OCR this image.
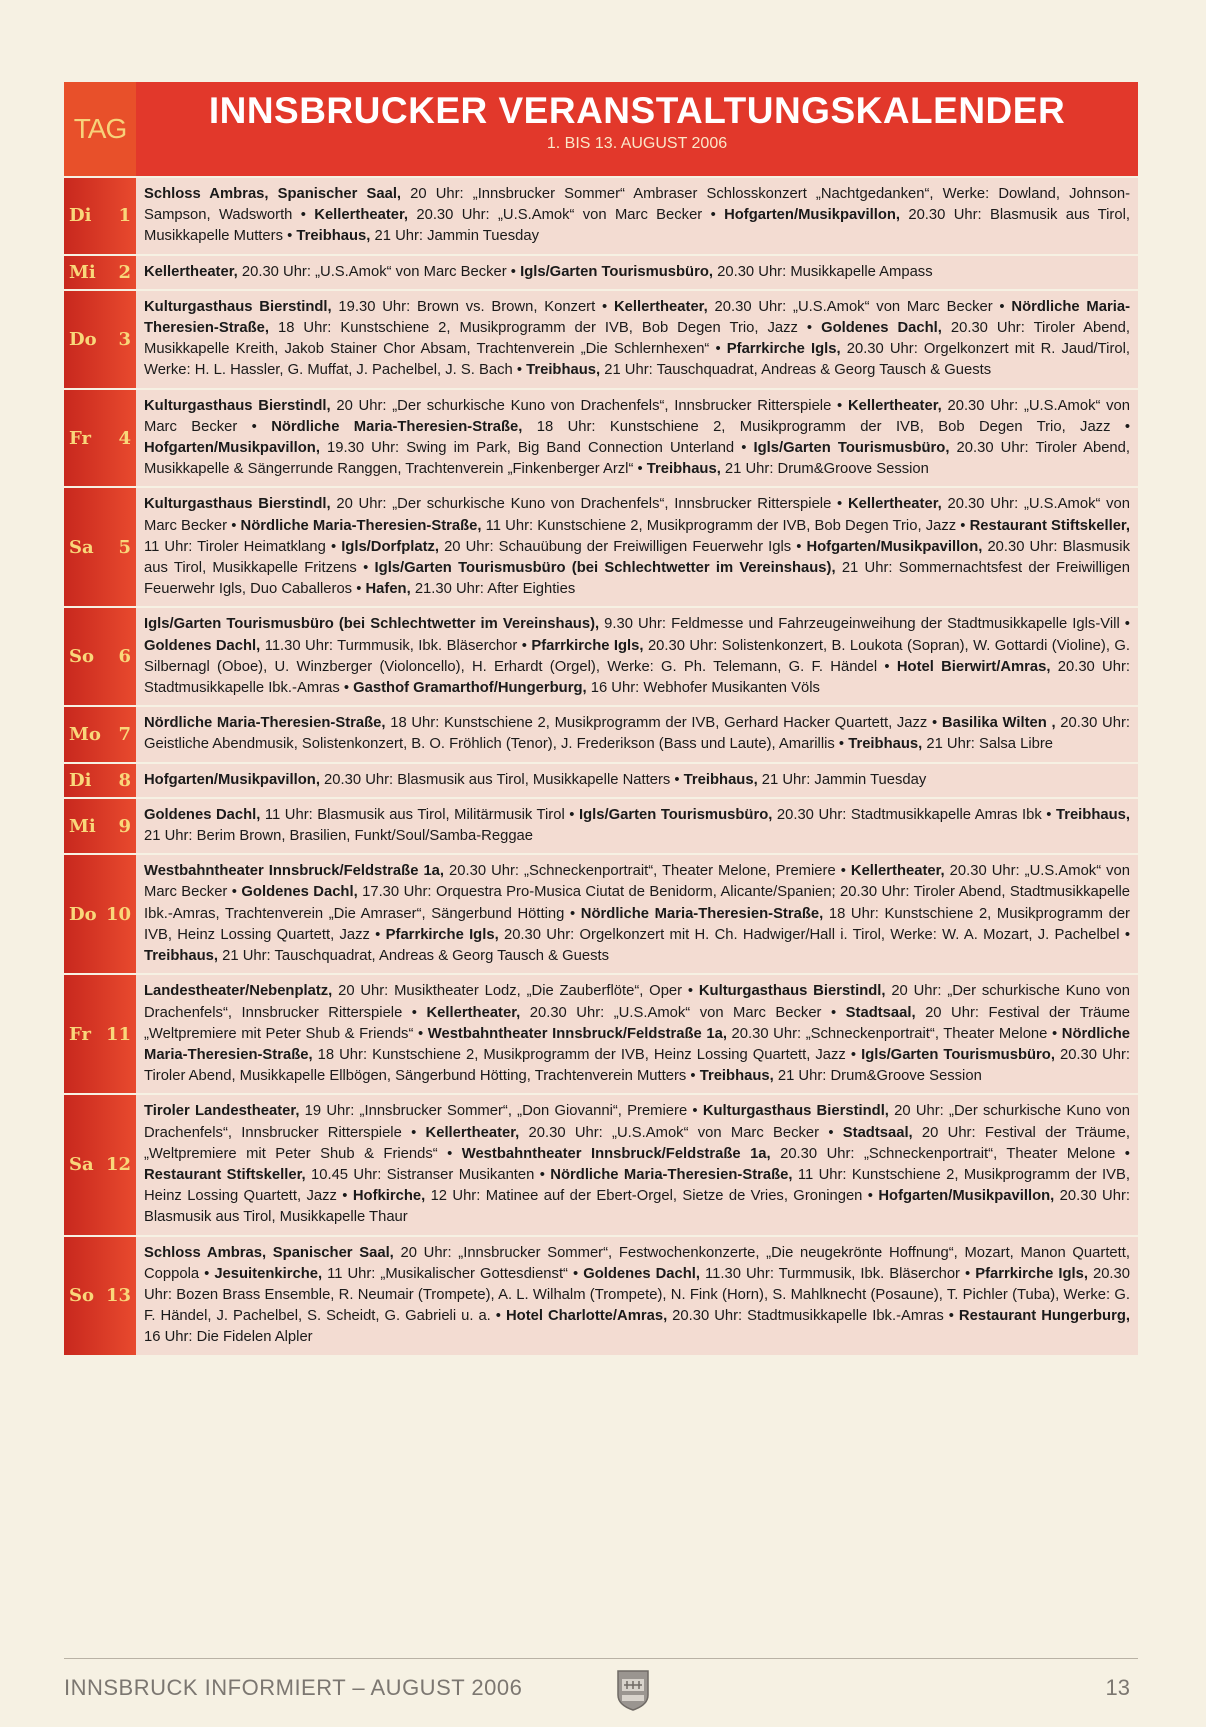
TAG	INNSBRUCKER VERANSTALTUNGSKALENDER
1. BIS 13. AUGUST 2006
Di 1
Schloss Ambras, Spanischer Saal, 20 Uhr: „Innsbrucker Sommer“ Ambraser Schlosskonzert „Nachtgedanken“, Werke: Dowland, Johnson-Sampson, Wadsworth • Kellertheater, 20.30 Uhr: „U.S.Amok“ von Marc Becker • Hofgarten/Musikpavillon, 20.30 Uhr: Blasmusik aus Tirol, Musikkapelle Mutters • Treibhaus, 21 Uhr: Jammin Tuesday
Mi 2 Kellertheater, 20.30 Uhr: „U.S.Amok“ von Marc Becker • Igls/Garten Tourismusbüro, 20.30 Uhr: Musikkapelle Ampass
Do 3
Kulturgasthaus Bierstindl, 19.30 Uhr: Brown vs. Brown, Konzert • Kellertheater, 20.30 Uhr: „U.S.Amok“ von Marc Becker • Nördliche Maria-Theresien-Straße, 18 Uhr: Kunstschiene 2, Musikprogramm der IVB, Bob Degen Trio, Jazz • Goldenes Dachl, 20.30 Uhr: Tiroler Abend, Musikkapelle Kreith, Jakob Stainer Chor Absam, Trachtenverein „Die Schlernhexen“ • Pfarrkirche Igls, 20.30 Uhr: Orgelkonzert mit R. Jaud/Tirol, Werke: H. L. Hassler, G. Muffat, J. Pachelbel, J. S. Bach • Treibhaus, 21 Uhr: Tauschquadrat, Andreas & Georg Tausch & Guests
Fr 4
Kulturgasthaus Bierstindl, 20 Uhr: „Der schurkische Kuno von Drachenfels“, Innsbrucker Ritterspiele • Kellertheater, 20.30 Uhr: „U.S.Amok“ von Marc Becker • Nördliche Maria-Theresien-Straße, 18 Uhr: Kunstschiene 2, Musikprogramm der IVB, Bob Degen Trio, Jazz • Hofgarten/Musikpavillon, 19.30 Uhr: Swing im Park, Big Band Connection Unterland • Igls/Garten Tourismusbüro, 20.30 Uhr: Tiroler Abend, Musikkapelle & Sängerrunde Ranggen, Trachtenverein „Finkenberger Arzl“ • Treibhaus, 21 Uhr: Drum&Groove Session
Sa 5
Kulturgasthaus Bierstindl, 20 Uhr: „Der schurkische Kuno von Drachenfels“, Innsbrucker Ritterspiele • Kellertheater, 20.30 Uhr: „U.S.Amok“ von Marc Becker • Nördliche Maria-Theresien-Straße, 11 Uhr: Kunstschiene 2, Musikprogramm der IVB, Bob Degen Trio, Jazz • Restaurant Stiftskeller, 11 Uhr: Tiroler Heimatklang • Igls/Dorfplatz, 20 Uhr: Schauübung der Freiwilligen Feuerwehr Igls • Hofgarten/Musikpavillon, 20.30 Uhr: Blasmusik aus Tirol, Musikkapelle Fritzens • Igls/Garten Tourismusbüro (bei Schlechtwetter im Vereinshaus), 21 Uhr: Sommernachtsfest der Freiwilligen Feuerwehr Igls, Duo Caballeros • Hafen, 21.30 Uhr: After Eighties
So 6
Igls/Garten Tourismusbüro (bei Schlechtwetter im Vereinshaus), 9.30 Uhr: Feldmesse und Fahrzeugeinweihung der Stadtmusikkapelle Igls-Vill • Goldenes Dachl, 11.30 Uhr: Turmmusik, Ibk. Bläserchor • Pfarrkirche Igls, 20.30 Uhr: Solistenkonzert, B. Loukota (Sopran), W. Gottardi (Violine), G. Silbernagl (Oboe), U. Winzberger (Violoncello), H. Erhardt (Orgel), Werke: G. Ph. Telemann, G. F. Händel • Hotel Bierwirt/Amras, 20.30 Uhr: Stadtmusikkapelle Ibk.-Amras • Gasthof Gramarthof/Hungerburg, 16 Uhr: Webhofer Musikanten Völs
Mo 7
Nördliche Maria-Theresien-Straße, 18 Uhr: Kunstschiene 2, Musikprogramm der IVB, Gerhard Hacker Quartett, Jazz • Basilika Wilten , 20.30 Uhr: Geistliche Abendmusik, Solistenkonzert, B. O. Fröhlich (Tenor), J. Frederikson (Bass und Laute), Amarillis • Treibhaus, 21 Uhr: Salsa Libre
Di 8 Hofgarten/Musikpavillon, 20.30 Uhr: Blasmusik aus Tirol, Musikkapelle Natters • Treibhaus, 21 Uhr: Jammin Tuesday
Mi 9
Goldenes Dachl, 11 Uhr: Blasmusik aus Tirol, Militärmusik Tirol • Igls/Garten Tourismusbüro, 20.30 Uhr: Stadtmusikkapelle Amras Ibk • Treibhaus, 21 Uhr: Berim Brown, Brasilien, Funkt/Soul/Samba-Reggae
Do 10
Westbahntheater Innsbruck/Feldstraße 1a, 20.30 Uhr: „Schneckenportrait“, Theater Melone, Premiere • Kellertheater, 20.30 Uhr: „U.S.Amok“ von Marc Becker • Goldenes Dachl, 17.30 Uhr: Orquestra Pro-Musica Ciutat de Benidorm, Alicante/Spanien; 20.30 Uhr: Tiroler Abend, Stadtmusikkapelle Ibk.-Amras, Trachtenverein „Die Amraser“, Sängerbund Hötting • Nördliche Maria-Theresien-Straße, 18 Uhr: Kunstschiene 2, Musikprogramm der IVB, Heinz Lossing Quartett, Jazz • Pfarrkirche Igls, 20.30 Uhr: Orgelkonzert mit H. Ch. Hadwiger/Hall i. Tirol, Werke: W. A. Mozart, J. Pachelbel • Treibhaus, 21 Uhr: Tauschquadrat, Andreas & Georg Tausch & Guests
Fr 11
Landestheater/Nebenplatz, 20 Uhr: Musiktheater Lodz, „Die Zauberflöte“, Oper • Kulturgasthaus Bierstindl, 20 Uhr: „Der schurkische Kuno von Drachenfels“, Innsbrucker Ritterspiele • Kellertheater, 20.30 Uhr: „U.S.Amok“ von Marc Becker • Stadtsaal, 20 Uhr: Festival der Träume „Weltpremiere mit Peter Shub & Friends“ • Westbahntheater Innsbruck/Feldstraße 1a, 20.30 Uhr: „Schneckenportrait“, Theater Melone • Nördliche Maria-Theresien-Straße, 18 Uhr: Kunstschiene 2, Musikprogramm der IVB, Heinz Lossing Quartett, Jazz • Igls/Garten Tourismusbüro, 20.30 Uhr: Tiroler Abend, Musikkapelle Ellbögen, Sängerbund Hötting, Trachtenverein Mutters • Treibhaus, 21 Uhr: Drum&Groove Session
Sa 12
Tiroler Landestheater, 19 Uhr: „Innsbrucker Sommer“, „Don Giovanni“, Premiere • Kulturgasthaus Bierstindl, 20 Uhr: „Der schurkische Kuno von Drachenfels“, Innsbrucker Ritterspiele • Kellertheater, 20.30 Uhr: „U.S.Amok“ von Marc Becker • Stadtsaal, 20 Uhr: Festival der Träume, „Weltpremiere mit Peter Shub & Friends“ • Westbahntheater Innsbruck/Feldstraße 1a, 20.30 Uhr: „Schneckenportrait“, Theater Melone • Restaurant Stiftskeller, 10.45 Uhr: Sistranser Musikanten • Nördliche Maria-Theresien-Straße, 11 Uhr: Kunstschiene 2, Musikprogramm der IVB, Heinz Lossing Quartett, Jazz • Hofkirche, 12 Uhr: Matinee auf der Ebert-Orgel, Sietze de Vries, Groningen • Hofgarten/Musikpavillon, 20.30 Uhr: Blasmusik aus Tirol, Musikkapelle Thaur
So 13
Schloss Ambras, Spanischer Saal, 20 Uhr: „Innsbrucker Sommer“, Festwochenkonzerte, „Die neugekrönte Hoffnung“, Mozart, Manon Quartett, Coppola • Jesuitenkirche, 11 Uhr: „Musikalischer Gottesdienst“ • Goldenes Dachl, 11.30 Uhr: Turmmusik, Ibk. Bläserchor • Pfarrkirche Igls, 20.30 Uhr: Bozen Brass Ensemble, R. Neumair (Trompete), A. L. Wilhalm (Trompete), N. Fink (Horn), S. Mahlknecht (Posaune), T. Pichler (Tuba), Werke: G. F. Händel, J. Pachelbel, S. Scheidt, G. Gabrieli u. a. • Hotel Charlotte/Amras, 20.30 Uhr: Stadtmusikkapelle Ibk.-Amras • Restaurant Hungerburg, 16 Uhr: Die Fidelen Alpler
INNSBRUCK INFORMIERT – AUGUST 2006	13
